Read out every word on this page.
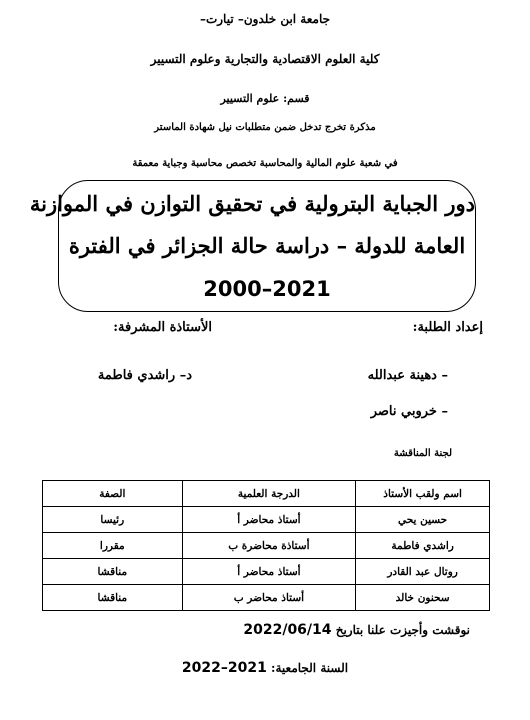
جامعة ابن خلدون– تيارت–
كلية العلوم الاقتصادية والتجارية وعلوم التسيير
قسم: علوم التسيير
مذكرة تخرج تدخل ضمن متطلبات نيل شهادة الماستر
في شعبة علوم المالية والمحاسبة تخصص محاسبة وجباية معمقة
دور الجباية البترولية في تحقيق التوازن في الموازنة
العامة للدولة – دراسة حالة الجزائر في الفترة
2000–2021
إعداد الطلبة:
الأستاذة المشرفة:
– دهينة عبدالله
– خروبي ناصر
د– راشدي فاطمة
لجنة المناقشة
اسم ولقب الأستاذ	الدرجة العلمية	الصفة
حسين يحي	أستاذ محاضر أ	رئيسا
راشدي فاطمة	أستاذة محاضرة ب	مقررا
روتال عبد القادر	أستاذ محاضر أ	مناقشا
سحنون خالد	أستاذ محاضر ب	مناقشا
نوقشت وأجيزت علنا بتاريخ 2022/06/14
السنة الجامعية: 2021–2022
